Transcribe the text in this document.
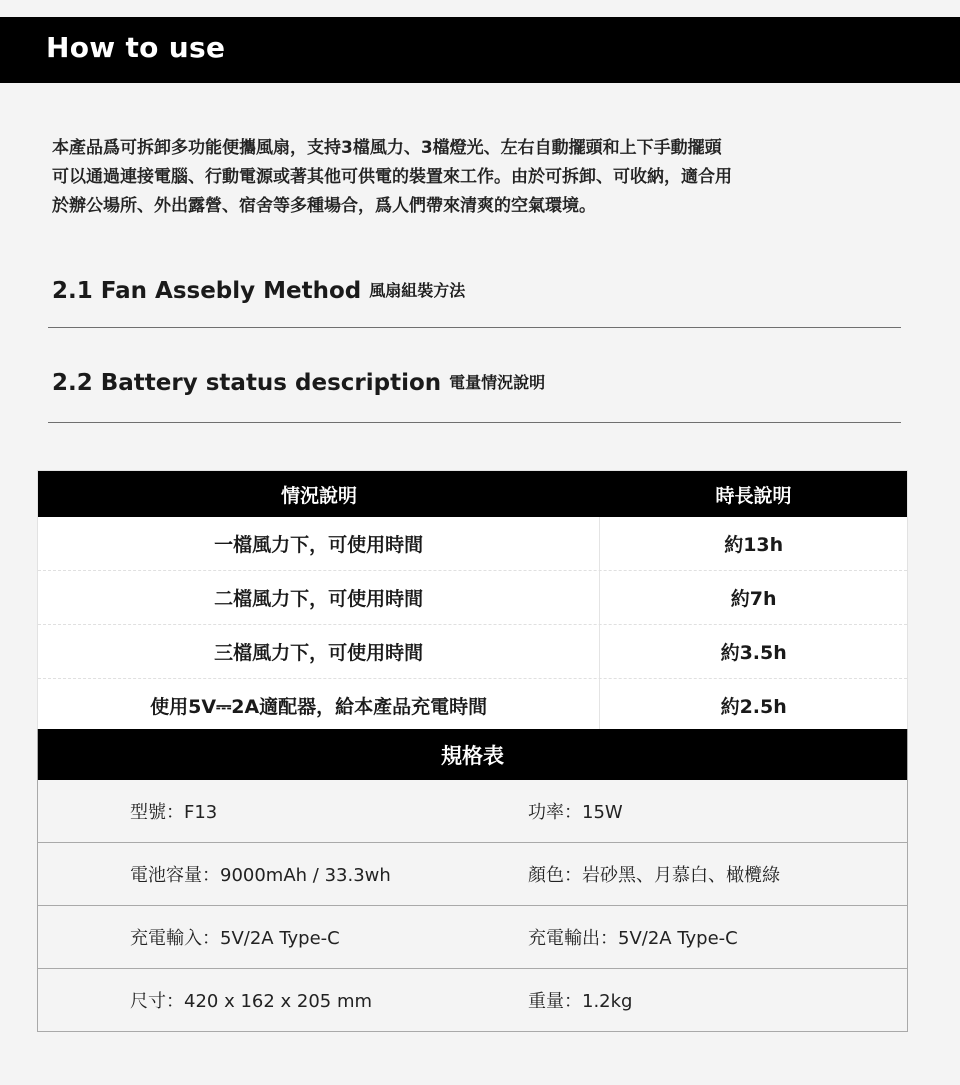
How to use

本產品爲可拆卸多功能便攜風扇，支持3檔風力、3檔燈光、左右自動擺頭和上下手動擺頭

可以通過連接電腦、行動電源或著其他可供電的裝置來工作。由於可拆卸、可收納，適合用

於辦公場所、外出露營、宿舍等多種場合，爲人們帶來清爽的空氣環境。

2.1 Fan Assebly Method 風扇組裝方法
2.2 Battery status description 電量情況說明
情況說明	時長說明
一檔風力下，可使用時間	約13h
二檔風力下，可使用時間	約7h
三檔風力下，可使用時間	約3.5h
使用5V⎓2A適配器，給本產品充電時間	約2.5h
規格表
型號：F13	功率：15W
電池容量：9000mAh / 33.3wh	顏色：岩砂黑、月慕白、橄欖綠
充電輸入：5V/2A Type-C	充電輸出：5V/2A Type-C
尺寸：420 x 162 x 205 mm	重量：1.2kg
